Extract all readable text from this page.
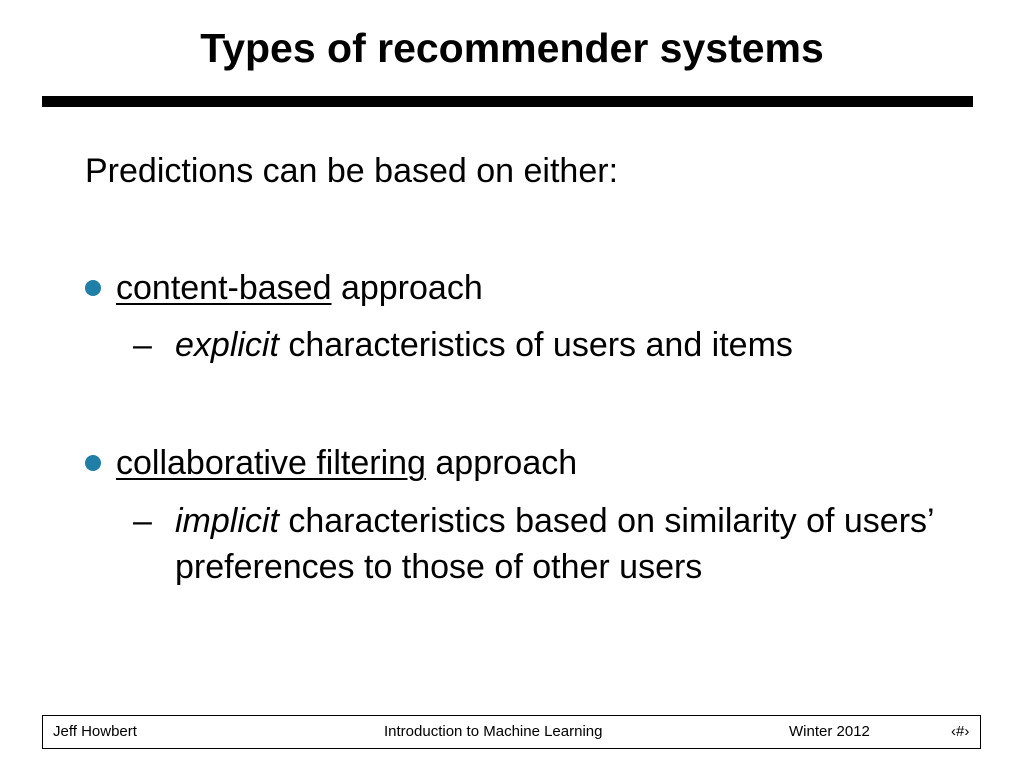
Types of recommender systems

Predictions can be based on either:

content-based approach
– explicit characteristics of users and items
collaborative filtering approach
– implicit characteristics based on similarity of users’ preferences to those of other users
Jeff Howbert	Introduction to Machine Learning	Winter 2012	‹#›
